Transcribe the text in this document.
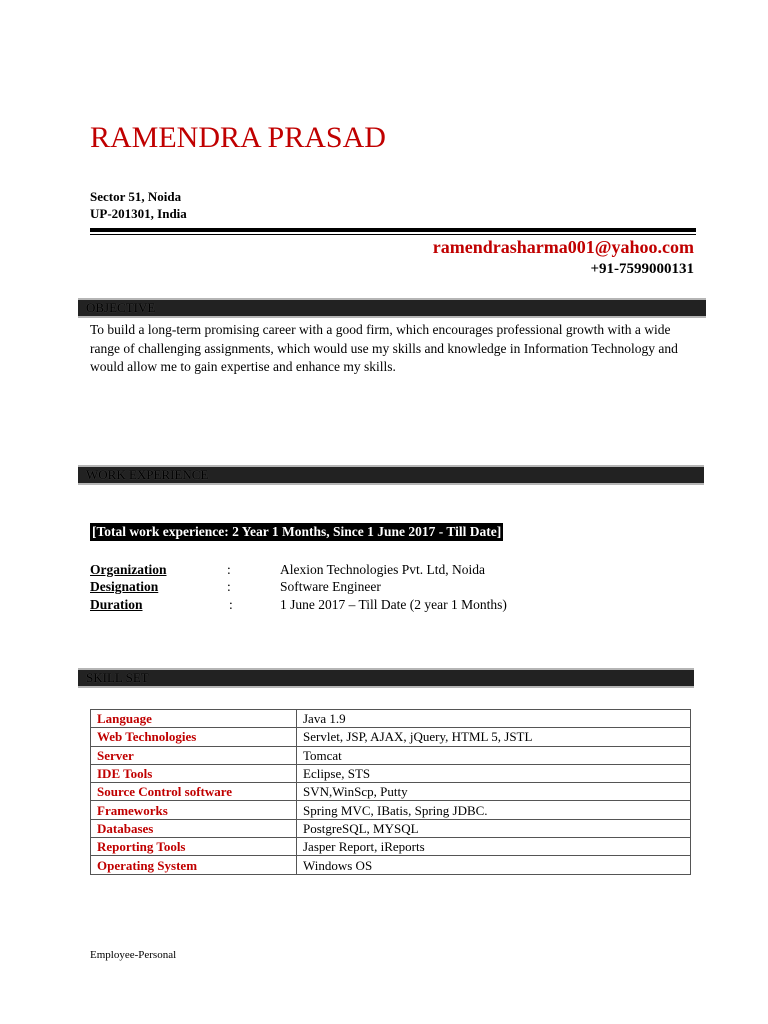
RAMENDRA PRASAD
Sector 51, Noida
UP-201301, India
ramendrasharma001@yahoo.com
+91-7599000131
OBJECTIVE
To build a long-term promising career with a good firm, which encourages professional growth with a wide range of challenging assignments, which would use my skills and knowledge in Information Technology and would allow me to gain expertise and enhance my skills.
WORK EXPERIENCE
[Total work experience: 2 Year 1 Months, Since 1 June 2017 - Till Date]
Organization	:	Alexion Technologies Pvt. Ltd, Noida
Designation	:	Software Engineer
Duration	:	1 June 2017 – Till Date (2 year 1 Months)
SKILL SET
Language	Java 1.9
Web Technologies	Servlet, JSP, AJAX, jQuery, HTML 5, JSTL
Server	Tomcat
IDE Tools	Eclipse, STS
Source Control software	SVN,WinScp, Putty
Frameworks	Spring MVC, IBatis, Spring JDBC.
Databases	PostgreSQL, MYSQL
Reporting Tools	Jasper Report, iReports
Operating System	Windows OS
Employee-Personal
